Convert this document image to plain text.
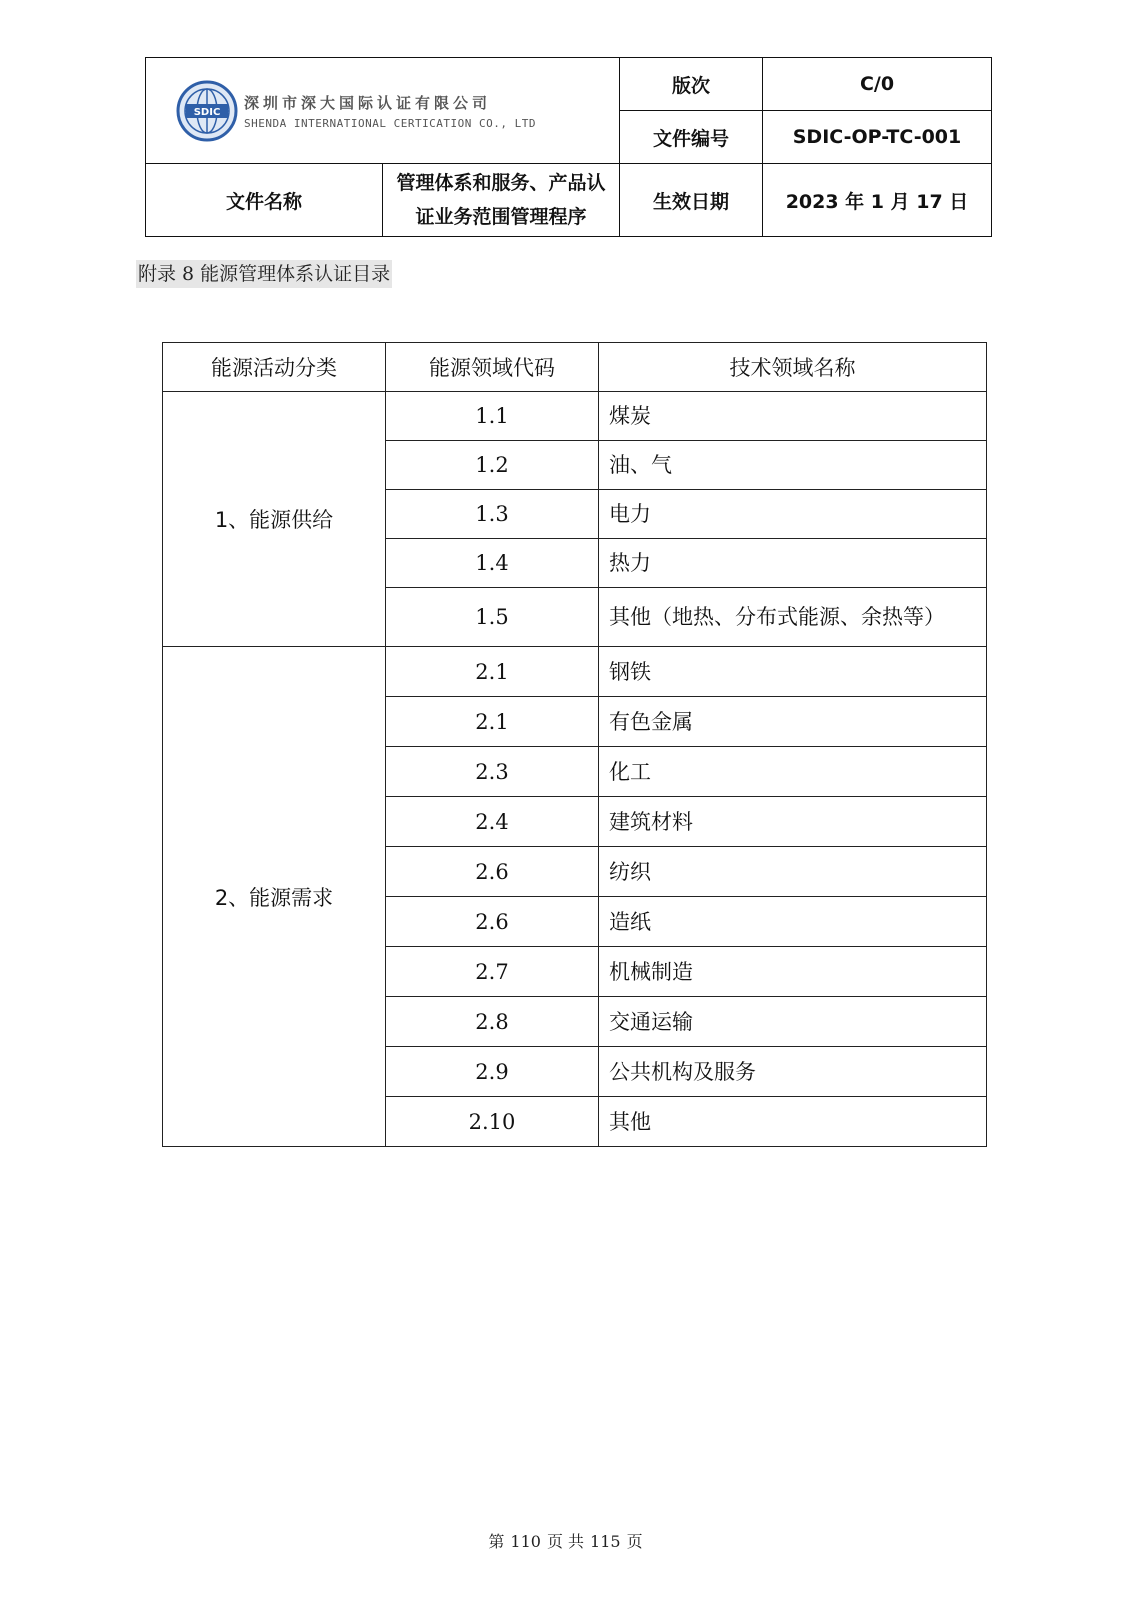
SDIC
深圳市深大国际认证有限公司
SHENDA INTERNATIONAL CERTICATION CO., LTD		版次	C/0
		文件编号	SDIC-OP-TC-001
文件名称	管理体系和服务、产品认证业务范围管理程序	生效日期	2023 年 1 月 17 日
附录 8 能源管理体系认证目录
能源活动分类	能源领域代码	技术领域名称
1、能源供给	1.1	煤炭
	1.2	油、气
	1.3	电力
	1.4	热力
	1.5	其他（地热、分布式能源、余热等）
2、能源需求	2.1	钢铁
	2.1	有色金属
	2.3	化工
	2.4	建筑材料
	2.6	纺织
	2.6	造纸
	2.7	机械制造
	2.8	交通运输
	2.9	公共机构及服务
	2.10	其他
第 110 页 共 115 页
